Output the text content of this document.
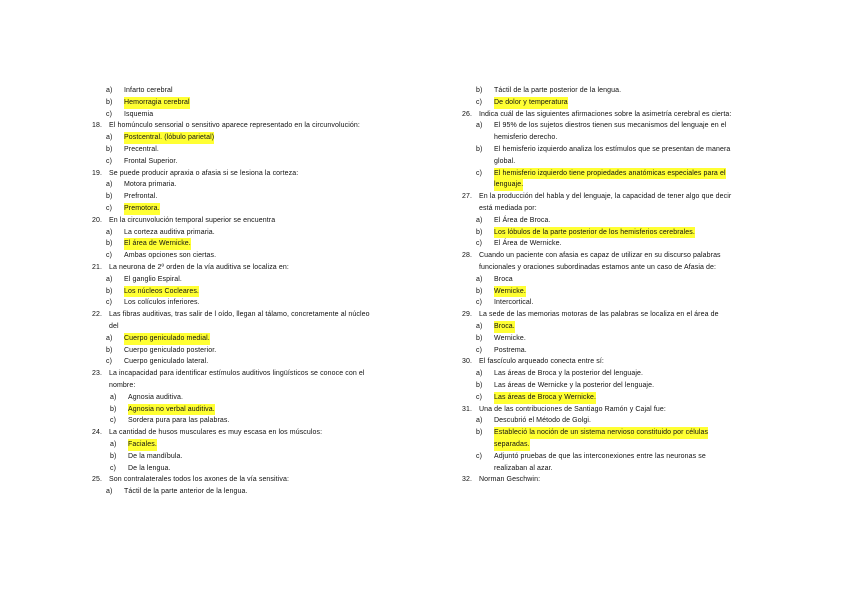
a) Infarto cerebral
b) Hemorragia cerebral
c) Isquemia
18. El homúnculo sensorial o sensitivo aparece representado en la circunvolución:
a) Postcentral. (lóbulo parietal)
b) Precentral.
c) Frontal Superior.
19. Se puede producir apraxia o afasia si se lesiona la corteza:
a) Motora primaria.
b) Prefrontal.
c) Premotora.
20. En la circunvolución temporal superior se encuentra
a) La corteza auditiva primaria.
b) El área de Wernicke.
c) Ambas opciones son ciertas.
21. La neurona de 2º orden de la vía auditiva se localiza en:
a) El ganglio Espiral.
b) Los núcleos Cocleares.
c) Los colículos inferiores.
22. Las fibras auditivas, tras salir de l oído, llegan al tálamo, concretamente al núcleo
del
a) Cuerpo geniculado medial.
b) Cuerpo geniculado posterior.
c) Cuerpo geniculado lateral.
23. La incapacidad para identificar estímulos auditivos lingüísticos se conoce con el
nombre:
a) Agnosia auditiva.
b) Agnosia no verbal auditiva.
c) Sordera pura para las palabras.
24. La cantidad de husos musculares es muy escasa en los músculos:
a) Faciales.
b) De la mandíbula.
c) De la lengua.
25. Son contralaterales todos los axones de la vía sensitiva:
a) Táctil de la parte anterior de la lengua.
b) Táctil de la parte posterior de la lengua.
c) De dolor y temperatura
26. Indica cuál de las siguientes afirmaciones sobre la asimetría cerebral es cierta:
a) El 95% de los sujetos diestros tienen sus mecanismos del lenguaje en el
hemisferio derecho.
b) El hemisferio izquierdo analiza los estímulos que se presentan de manera
global.
c) El hemisferio izquierdo tiene propiedades anatómicas especiales para el
lenguaje.
27. En la producción del habla y del lenguaje, la capacidad de tener algo que decir
está mediada por:
a) El Área de Broca.
b) Los lóbulos de la parte posterior de los hemisferios cerebrales.
c) El Área de Wernicke.
28. Cuando un paciente con afasia es capaz de utilizar en su discurso palabras
funcionales y oraciones subordinadas estamos ante un caso de Afasia de:
a) Broca
b) Wernicke.
c) Intercortical.
29. La sede de las memorias motoras de las palabras se localiza en el área de
a) Broca.
b) Wernicke.
c) Postrema.
30. El fascículo arqueado conecta entre sí:
a) Las áreas de Broca y la posterior del lenguaje.
b) Las áreas de Wernicke y la posterior del lenguaje.
c) Las áreas de Broca y Wernicke.
31. Una de las contribuciones de Santiago Ramón y Cajal fue:
a) Descubrió el Método de Golgi.
b) Estableció la noción de un sistema nervioso constituido por células
separadas.
c) Adjuntó pruebas de que las interconexiones entre las neuronas se
realizaban al azar.
32. Norman Geschwin:
